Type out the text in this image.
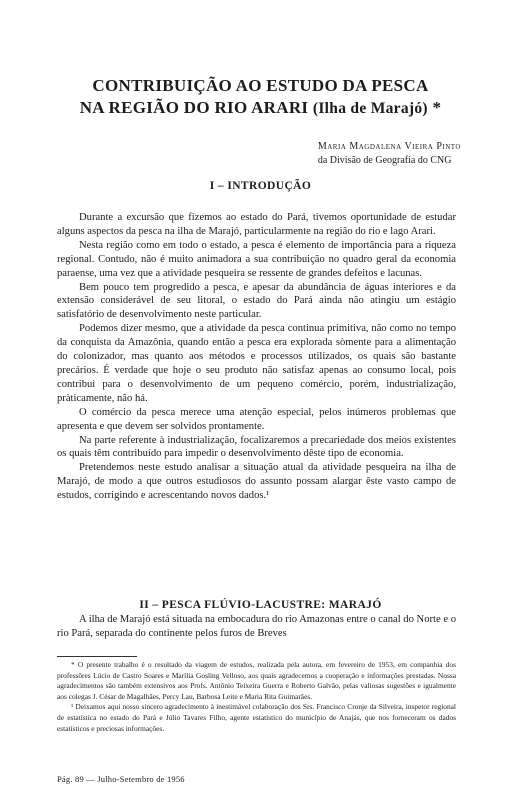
CONTRIBUIÇÃO AO ESTUDO DA PESCA
NA REGIÃO DO RIO ARARI (Ilha de Marajó) *
Maria Magdalena Vieira Pinto
da Divisão de Geografia do CNG
I – INTRODUÇÃO

Durante a excursão que fizemos ao estado do Pará, tivemos oportunidade de estudar alguns aspectos da pesca na ilha de Marajó, particularmente na região do rio e lago Arari.

Nesta região como em todo o estado, a pesca é elemento de importância para a riqueza regional. Contudo, não é muito animadora a sua contribuição no quadro geral da economia paraense, uma vez que a atividade pesqueira se ressente de grandes defeitos e lacunas.

Bem pouco tem progredido a pesca, e apesar da abundância de águas interiores e da extensão considerável de seu litoral, o estado do Pará ainda não atingiu um estágio satisfatório de desenvolvimento neste particular.

Podemos dizer mesmo, que a atividade da pesca continua primitiva, não como no tempo da conquista da Amazônia, quando então a pesca era explorada sòmente para a alimentação do colonizador, mas quanto aos métodos e processos utilizados, os quais são bastante precários. É verdade que hoje o seu produto não satisfaz apenas ao consumo local, pois contribui para o desenvolvimento de um pequeno comércio, porém, industrialização, pràticamente, não há.

O comércio da pesca merece uma atenção especial, pelos inúmeros problemas que apresenta e que devem ser solvidos prontamente.

Na parte referente à industrialização, focalizaremos a precariedade dos meios existentes os quais têm contribuído para impedir o desenvolvimento dêste tipo de economia.

Pretendemos neste estudo analisar a situação atual da atividade pesqueira na ilha de Marajó, de modo a que outros estudiosos do assunto possam alargar êste vasto campo de estudos, corrigindo e acrescentando novos dados.¹

II – PESCA FLÚVIO-LACUSTRE: MARAJÓ

A ilha de Marajó está situada na embocadura do rio Amazonas entre o canal do Norte e o rio Pará, separada do continente pelos furos de Breves

* O presente trabalho é o resultado da viagem de estudos, realizada pela autora, em fevereiro de 1953, em companhia dos professôres Lúcio de Castro Soares e Marília Gosling Velloso, aos quais agradecemos a cooperação e informações prestadas. Nossa agradecimentos são também extensivos aos Profs. Antônio Teixeira Guerra e Roberto Galvão, pelas valiosas sugestões e igualmente aos colegas J. César de Magalhães, Percy Lau, Barbosa Leite e Maria Rita Guimarães.

¹ Deixamos aqui nosso sincero agradecimento à inestimável colaboração dos Srs. Francisco Cronje da Silveira, inspetor regional de estatística no estado do Pará e Júlio Tavares Filho, agente estatístico do município de Anajás, que nos forneceram os dados estatísticos e preciosas informações.

Pág. 89 — Julho-Setembro de 1956
